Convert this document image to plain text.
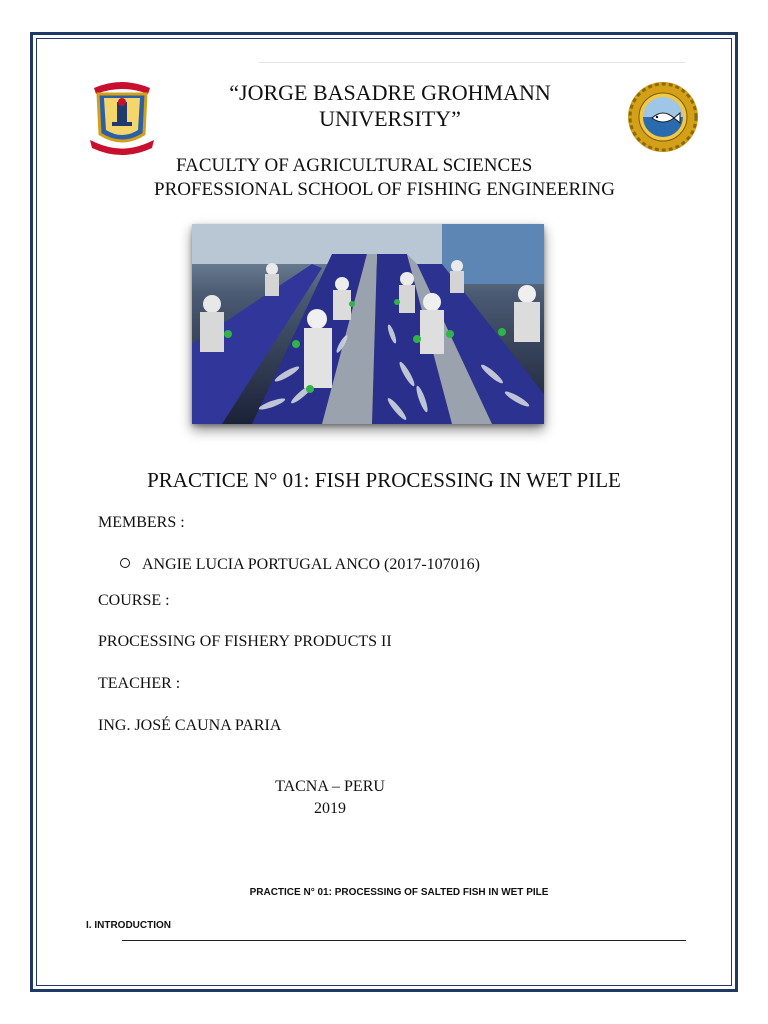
“JORGE BASADRE GROHMANN UNIVERSITY”
FACULTY OF AGRICULTURAL SCIENCES
PROFESSIONAL SCHOOL OF FISHING ENGINEERING
PRACTICE N° 01: FISH PROCESSING IN WET PILE
MEMBERS :
ANGIE LUCIA PORTUGAL ANCO (2017-107016)
COURSE :
PROCESSING OF FISHERY PRODUCTS II
TEACHER :
ING. JOSÉ CAUNA PARIA
TACNA – PERU
2019
PRACTICE N° 01: PROCESSING OF SALTED FISH IN WET PILE
I. INTRODUCTION
